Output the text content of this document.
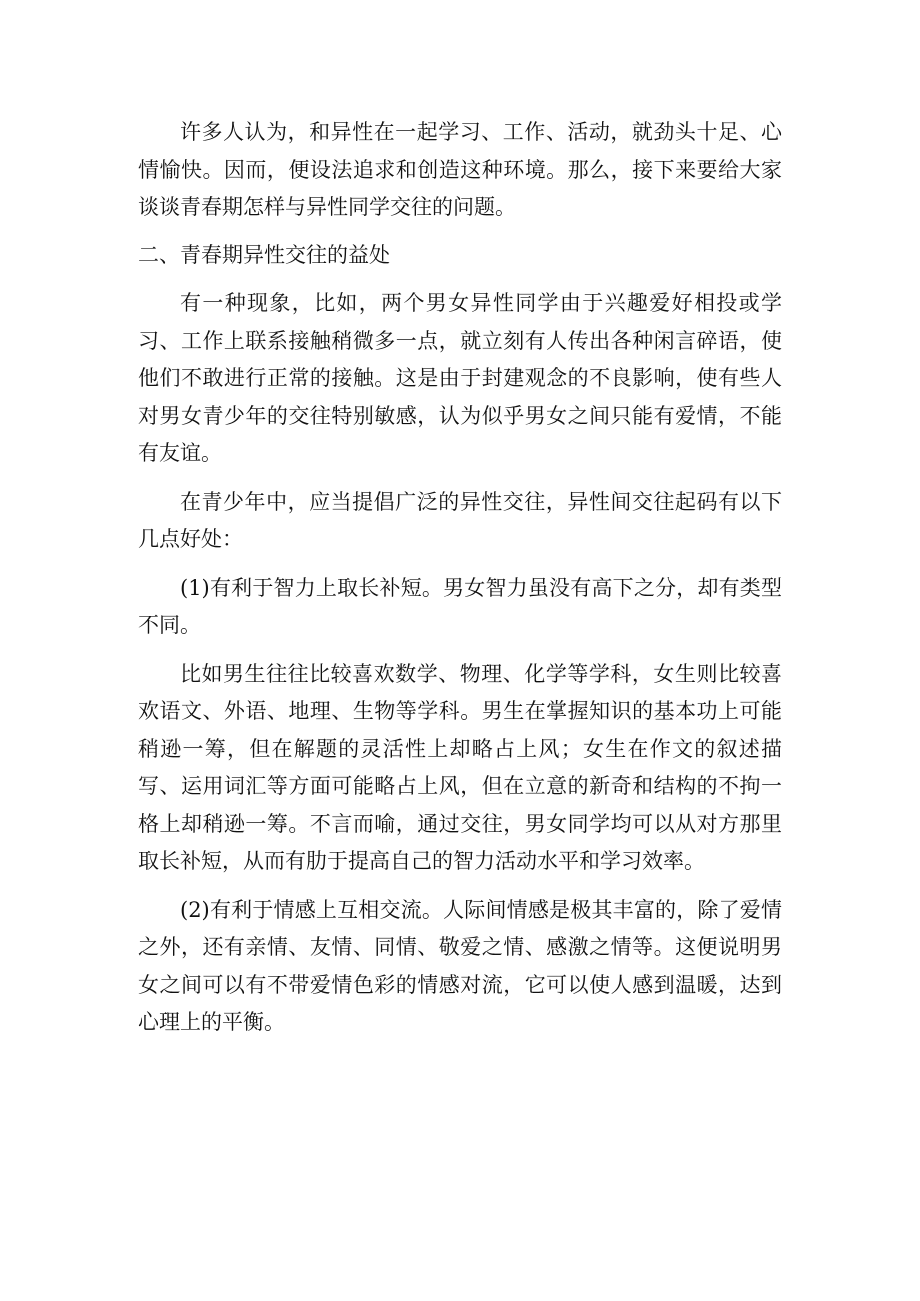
许多人认为，和异性在一起学习、工作、活动，就劲头十足、心情愉快。因而，便设法追求和创造这种环境。那么，接下来要给大家谈谈青春期怎样与异性同学交往的问题。

二、青春期异性交往的益处

有一种现象，比如，两个男女异性同学由于兴趣爱好相投或学习、工作上联系接触稍微多一点，就立刻有人传出各种闲言碎语，使他们不敢进行正常的接触。这是由于封建观念的不良影响，使有些人对男女青少年的交往特别敏感，认为似乎男女之间只能有爱情，不能有友谊。

在青少年中，应当提倡广泛的异性交往，异性间交往起码有以下几点好处：

(1)有利于智力上取长补短。男女智力虽没有高下之分，却有类型不同。

比如男生往往比较喜欢数学、物理、化学等学科，女生则比较喜欢语文、外语、地理、生物等学科。男生在掌握知识的基本功上可能稍逊一筹，但在解题的灵活性上却略占上风；女生在作文的叙述描写、运用词汇等方面可能略占上风，但在立意的新奇和结构的不拘一格上却稍逊一筹。不言而喻，通过交往，男女同学均可以从对方那里取长补短，从而有肋于提高自己的智力活动水平和学习效率。

(2)有利于情感上互相交流。人际间情感是极其丰富的，除了爱情之外，还有亲情、友情、同情、敬爱之情、感激之情等。这便说明男女之间可以有不带爱情色彩的情感对流，它可以使人感到温暖，达到心理上的平衡。
